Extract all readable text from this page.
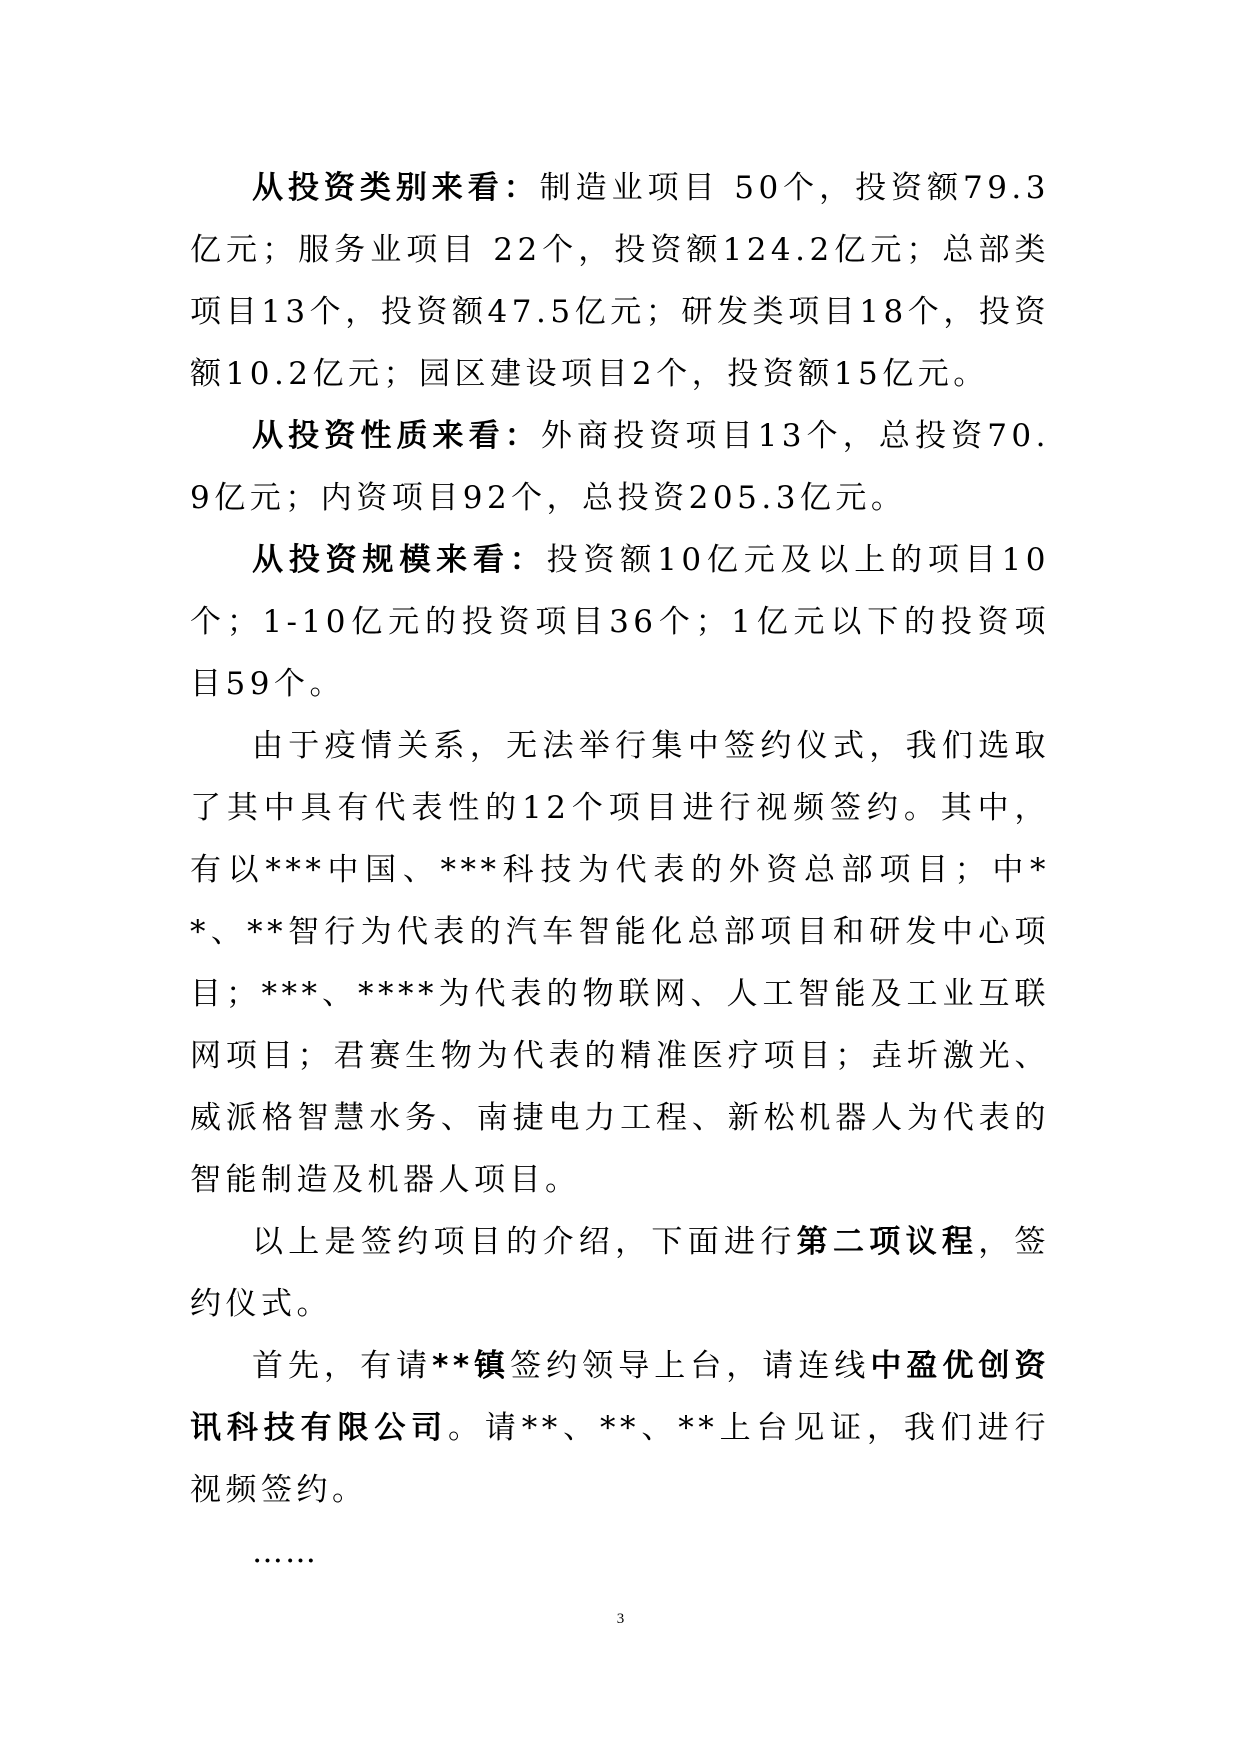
从投资类别来看：制造业项目 50个，投资额79.3亿元；服务业项目 22个，投资额124.2亿元；总部类项目13个，投资额47.5亿元；研发类项目18个，投资额10.2亿元；园区建设项目2个，投资额15亿元。

从投资性质来看：外商投资项目13个，总投资70.9亿元；内资项目92个，总投资205.3亿元。

从投资规模来看：投资额10亿元及以上的项目10个；1-10亿元的投资项目36个；1亿元以下的投资项目59个。

由于疫情关系，无法举行集中签约仪式，我们选取了其中具有代表性的12个项目进行视频签约。其中，有以***中国、***科技为代表的外资总部项目；中**、**智行为代表的汽车智能化总部项目和研发中心项目；***、****为代表的物联网、人工智能及工业互联网项目；君赛生物为代表的精准医疗项目；垚圻激光、威派格智慧水务、南捷电力工程、新松机器人为代表的智能制造及机器人项目。

以上是签约项目的介绍，下面进行第二项议程，签约仪式。

首先，有请**镇签约领导上台，请连线中盈优创资讯科技有限公司。请**、**、**上台见证，我们进行视频签约。

……

3
